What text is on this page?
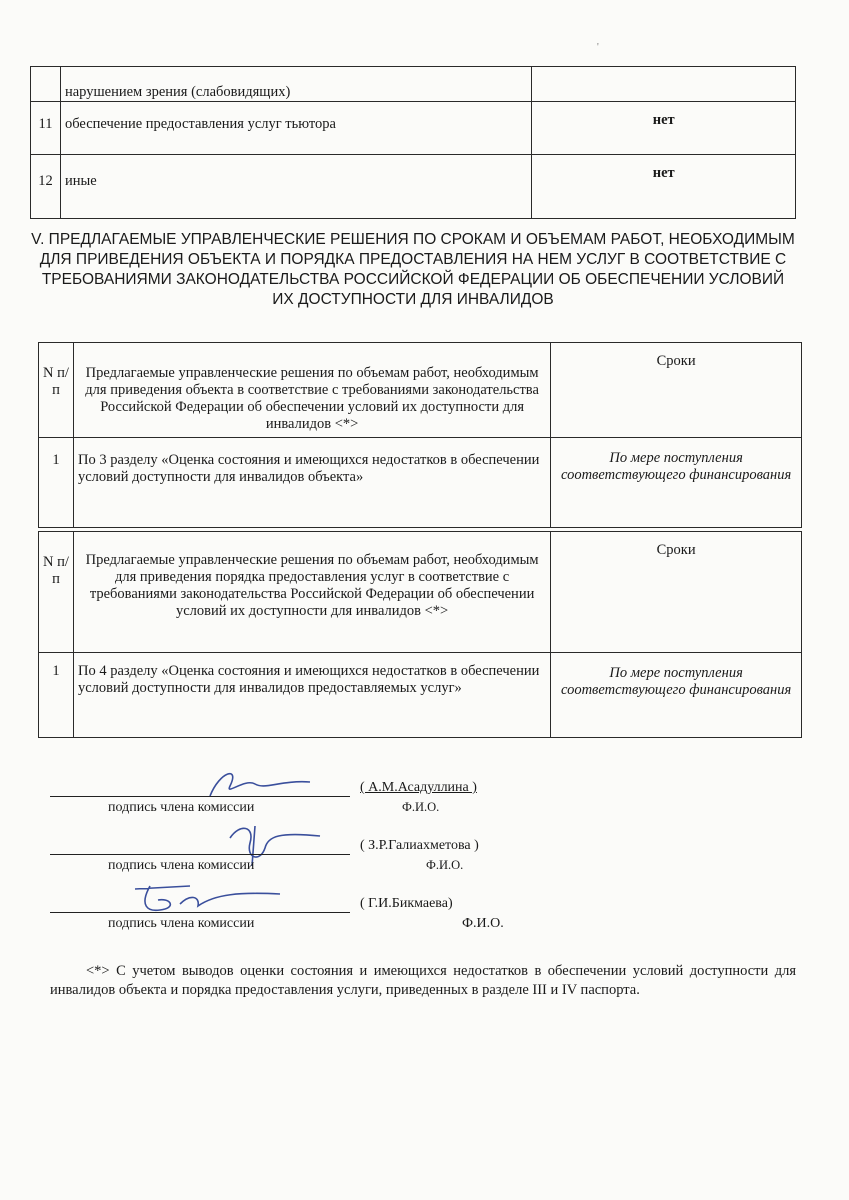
'
	нарушением зрения (слабовидящих)	
11	обеспечение предоставления услуг тьютора	нет
12	иные	нет
V. ПРЕДЛАГАЕМЫЕ УПРАВЛЕНЧЕСКИЕ РЕШЕНИЯ ПО СРОКАМ И ОБЪЕМАМ РАБОТ, НЕОБХОДИМЫМ ДЛЯ ПРИВЕДЕНИЯ ОБЪЕКТА И ПОРЯДКА ПРЕДОСТАВЛЕНИЯ НА НЕМ УСЛУГ В СООТВЕТСТВИЕ С ТРЕБОВАНИЯМИ ЗАКОНОДАТЕЛЬСТВА РОССИЙСКОЙ ФЕДЕРАЦИИ ОБ ОБЕСПЕЧЕНИИ УСЛОВИЙ ИХ ДОСТУПНОСТИ ДЛЯ ИНВАЛИДОВ
N п/п	Предлагаемые управленческие решения по объемам работ, необходимым для приведения объекта в соответствие с требованиями законодательства Российской Федерации об обеспечении условий их доступности для инвалидов <*>	Сроки
1	По 3 разделу «Оценка состояния и имеющихся недостатков в обеспечении условий доступности для инвалидов объекта»	По мере поступления соответствующего финансирования
N п/п	Предлагаемые управленческие решения по объемам работ, необходимым для приведения порядка предоставления услуг в соответствие с требованиями законодательства Российской Федерации об обеспечении условий их доступности для инвалидов <*>	Сроки
1	По 4 разделу «Оценка состояния и имеющихся недостатков в обеспечении условий доступности для инвалидов предоставляемых услуг»	По мере поступления соответствующего финансирования
подпись члена комиссии
( А.М.Асадуллина )
Ф.И.О.
подпись члена комиссии
( З.Р.Галиахметова )
Ф.И.О.
подпись члена комиссии
( Г.И.Бикмаева)
Ф.И.О.
<*> С учетом выводов оценки состояния и имеющихся недостатков в обеспечении условий доступности для инвалидов объекта и порядка предоставления услуги, приведенных в разделе III и IV паспорта.
